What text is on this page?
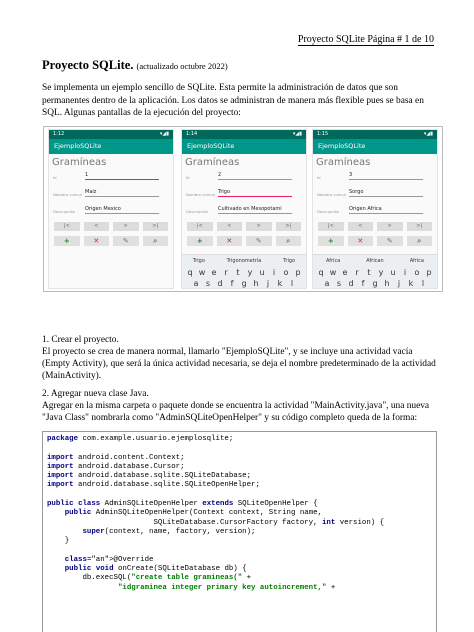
Proyecto SQLite Página # 1 de 10
Proyecto SQLite. (actualizado octubre 2022)
Se implementa un ejemplo sencillo de SQLite. Esta permite la administración de datos que son permanentes dentro de la aplicación. Los datos se administran de manera más flexible pues se basa en SQL. Algunas pantallas de la ejecución del proyecto:
1:12	▾◢▮
EjemploSQLite
Gramíneas
Id	1
Nombre comun Maíz
Descripción Origen Mexico
|<	<	>	>|
+	✕	✎	⌕
1:14	▾◢▮
EjemploSQLite
Gramíneas
Id	2
Nombre comun Trigo
Descripción Cultivado en Mesopotami
|<	<	>	>|
+	✕	✎	⌕
Trigo	Trigonometría	Trigo
q w e r	t	y u	i	o p
a s d	f	g h	j	k	l
1:15	▾◢▮
EjemploSQLite
Gramíneas
Id	3
Nombre comun Sorgo
Descripción Origen Africa
|<	<	>	>|
+	✕	✎	⌕
Africa	African	Africa
q w e r	t	y u	i	o p
a s d	f	g h	j	k	l
1. Crear el proyecto.
El proyecto se crea de manera normal, llamarlo "EjemploSQLite", y se incluye una actividad vacía (Empty Activity), que será la única actividad necesaria, se deja el nombre predeterminado de la actividad (MainActivity).
2. Agregar nueva clase Java.
Agregar en la misma carpeta o paquete donde se encuentra la actividad "MainActivity.java", una nueva "Java Class" nombrarla como "AdminSQLiteOpenHelper" y su código completo queda de la forma:
package com.example.usuario.ejemplosqlite;

import android.content.Context;
import android.database.Cursor;
import android.database.sqlite.SQLiteDatabase;
import android.database.sqlite.SQLiteOpenHelper;

public class AdminSQLiteOpenHelper extends SQLiteOpenHelper {
public AdminSQLiteOpenHelper(Context context, String name,
SQLiteDatabase.CursorFactory factory, int version) {
super(context, name, factory, version);
}

class="an">@Override
public void onCreate(SQLiteDatabase db) {
db.execSQL("create table gramineas(" +
"idgraminea integer primary key autoincrement," +
